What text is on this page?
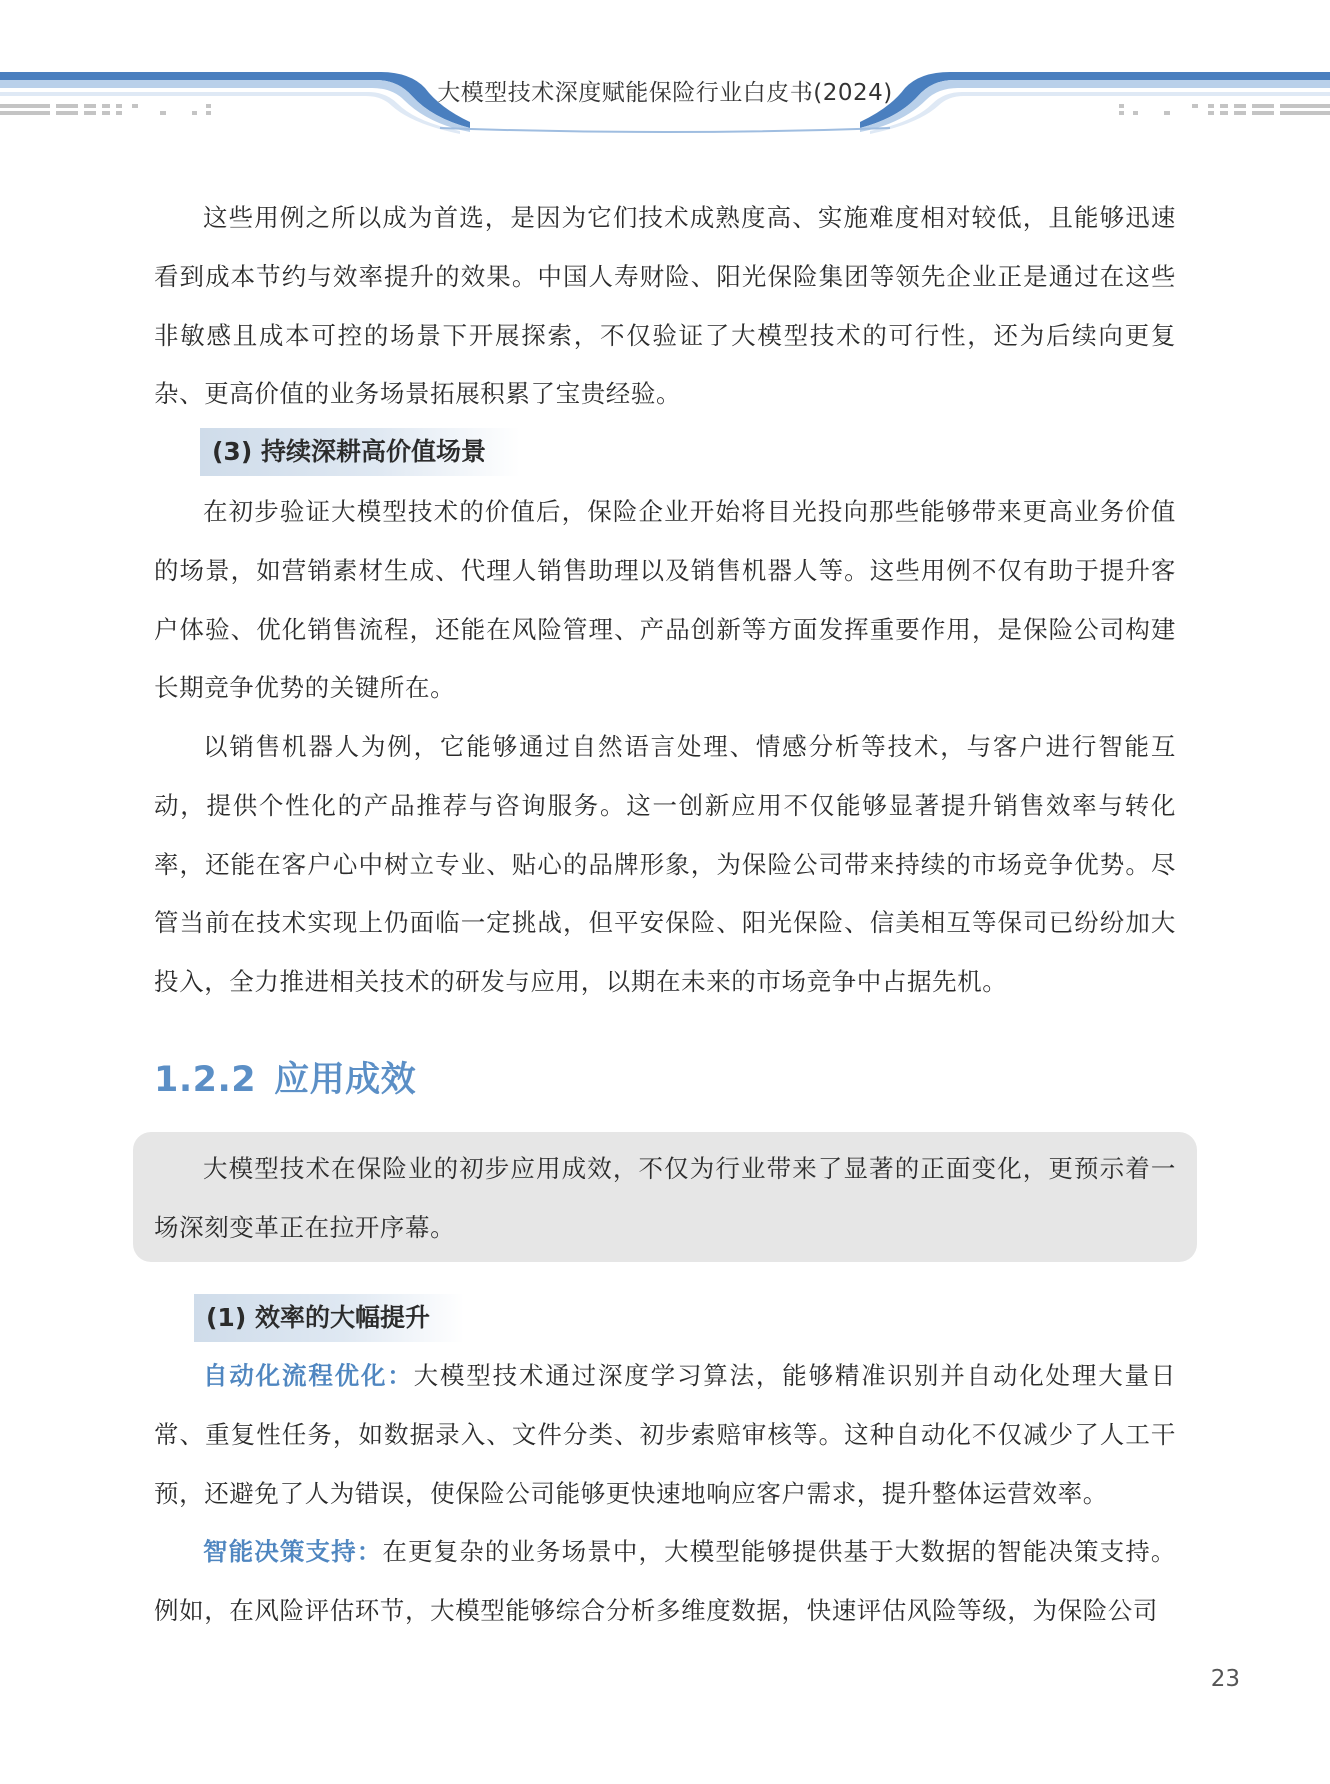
大模型技术深度赋能保险行业白皮书(2024)

这些用例之所以成为首选，是因为它们技术成熟度高、实施难度相对较低，且能够迅速看到成本节约与效率提升的效果。中国人寿财险、阳光保险集团等领先企业正是通过在这些非敏感且成本可控的场景下开展探索，不仅验证了大模型技术的可行性，还为后续向更复杂、更高价值的业务场景拓展积累了宝贵经验。

(3) 持续深耕高价值场景

在初步验证大模型技术的价值后，保险企业开始将目光投向那些能够带来更高业务价值的场景，如营销素材生成、代理人销售助理以及销售机器人等。这些用例不仅有助于提升客户体验、优化销售流程，还能在风险管理、产品创新等方面发挥重要作用，是保险公司构建长期竞争优势的关键所在。

以销售机器人为例，它能够通过自然语言处理、情感分析等技术，与客户进行智能互动，提供个性化的产品推荐与咨询服务。这一创新应用不仅能够显著提升销售效率与转化率，还能在客户心中树立专业、贴心的品牌形象，为保险公司带来持续的市场竞争优势。尽管当前在技术实现上仍面临一定挑战，但平安保险、阳光保险、信美相互等保司已纷纷加大投入，全力推进相关技术的研发与应用，以期在未来的市场竞争中占据先机。

1.2.2 应用成效

大模型技术在保险业的初步应用成效，不仅为行业带来了显著的正面变化，更预示着一场深刻变革正在拉开序幕。

(1) 效率的大幅提升

自动化流程优化：大模型技术通过深度学习算法，能够精准识别并自动化处理大量日常、重复性任务，如数据录入、文件分类、初步索赔审核等。这种自动化不仅减少了人工干预，还避免了人为错误，使保险公司能够更快速地响应客户需求，提升整体运营效率。

智能决策支持：在更复杂的业务场景中，大模型能够提供基于大数据的智能决策支持。例如，在风险评估环节，大模型能够综合分析多维度数据，快速评估风险等级，为保险公司

23
